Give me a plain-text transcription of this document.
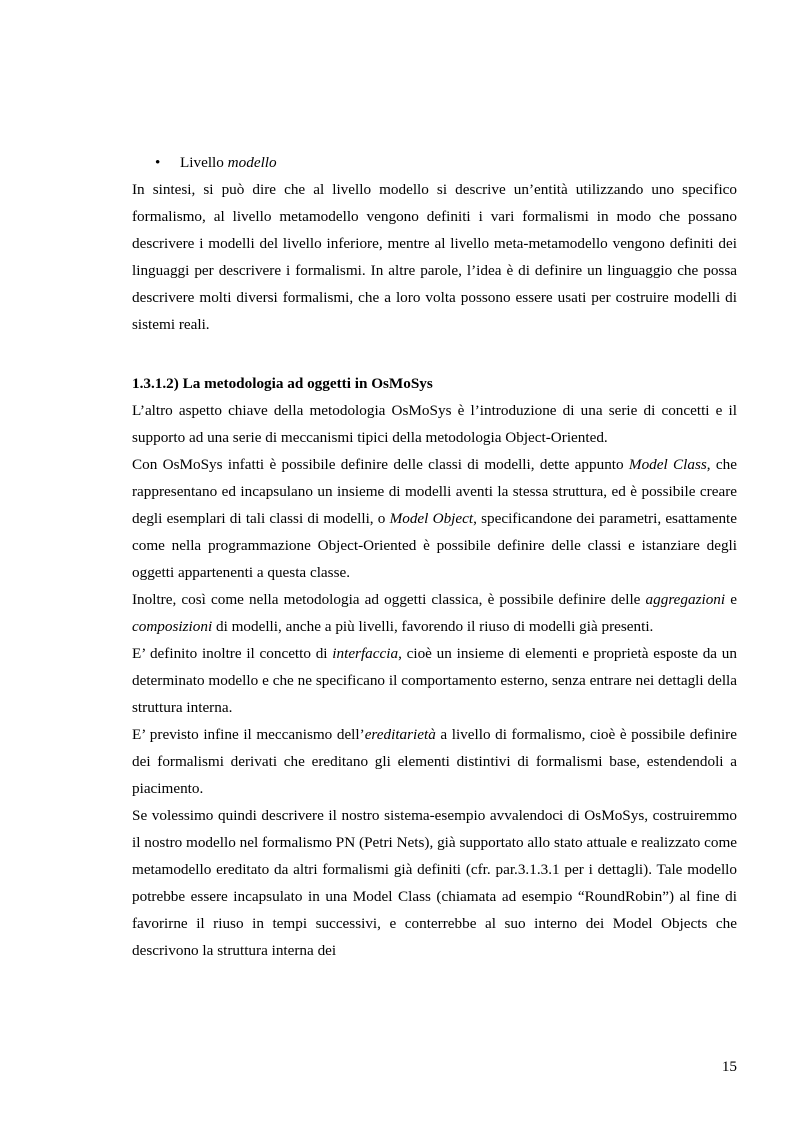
• Livello modello

In sintesi, si può dire che al livello modello si descrive un’entità utilizzando uno specifico formalismo, al livello metamodello vengono definiti i vari formalismi in modo che possano descrivere i modelli del livello inferiore, mentre al livello meta-metamodello vengono definiti dei linguaggi per descrivere i formalismi. In altre parole, l’idea è di definire un linguaggio che possa descrivere molti diversi formalismi, che a loro volta possono essere usati per costruire modelli di sistemi reali.

1.3.1.2) La metodologia ad oggetti in OsMoSys

L’altro aspetto chiave della metodologia OsMoSys è l’introduzione di una serie di concetti e il supporto ad una serie di meccanismi tipici della metodologia Object-Oriented.

Con OsMoSys infatti è possibile definire delle classi di modelli, dette appunto Model Class, che rappresentano ed incapsulano un insieme di modelli aventi la stessa struttura, ed è possibile creare degli esemplari di tali classi di modelli, o Model Object, specificandone dei parametri, esattamente come nella programmazione Object-Oriented è possibile definire delle classi e istanziare degli oggetti appartenenti a questa classe.

Inoltre, così come nella metodologia ad oggetti classica, è possibile definire delle aggregazioni e composizioni di modelli, anche a più livelli, favorendo il riuso di modelli già presenti.

E’ definito inoltre il concetto di interfaccia, cioè un insieme di elementi e proprietà esposte da un determinato modello e che ne specificano il comportamento esterno, senza entrare nei dettagli della struttura interna.

E’ previsto infine il meccanismo dell’ereditarietà a livello di formalismo, cioè è possibile definire dei formalismi derivati che ereditano gli elementi distintivi di formalismi base, estendendoli a piacimento.

Se volessimo quindi descrivere il nostro sistema-esempio avvalendoci di OsMoSys, costruiremmo il nostro modello nel formalismo PN (Petri Nets), già supportato allo stato attuale e realizzato come metamodello ereditato da altri formalismi già definiti (cfr. par.3.1.3.1 per i dettagli). Tale modello potrebbe essere incapsulato in una Model Class (chiamata ad esempio “RoundRobin”) al fine di favorirne il riuso in tempi successivi, e conterrebbe al suo interno dei Model Objects che descrivono la struttura interna dei

15
